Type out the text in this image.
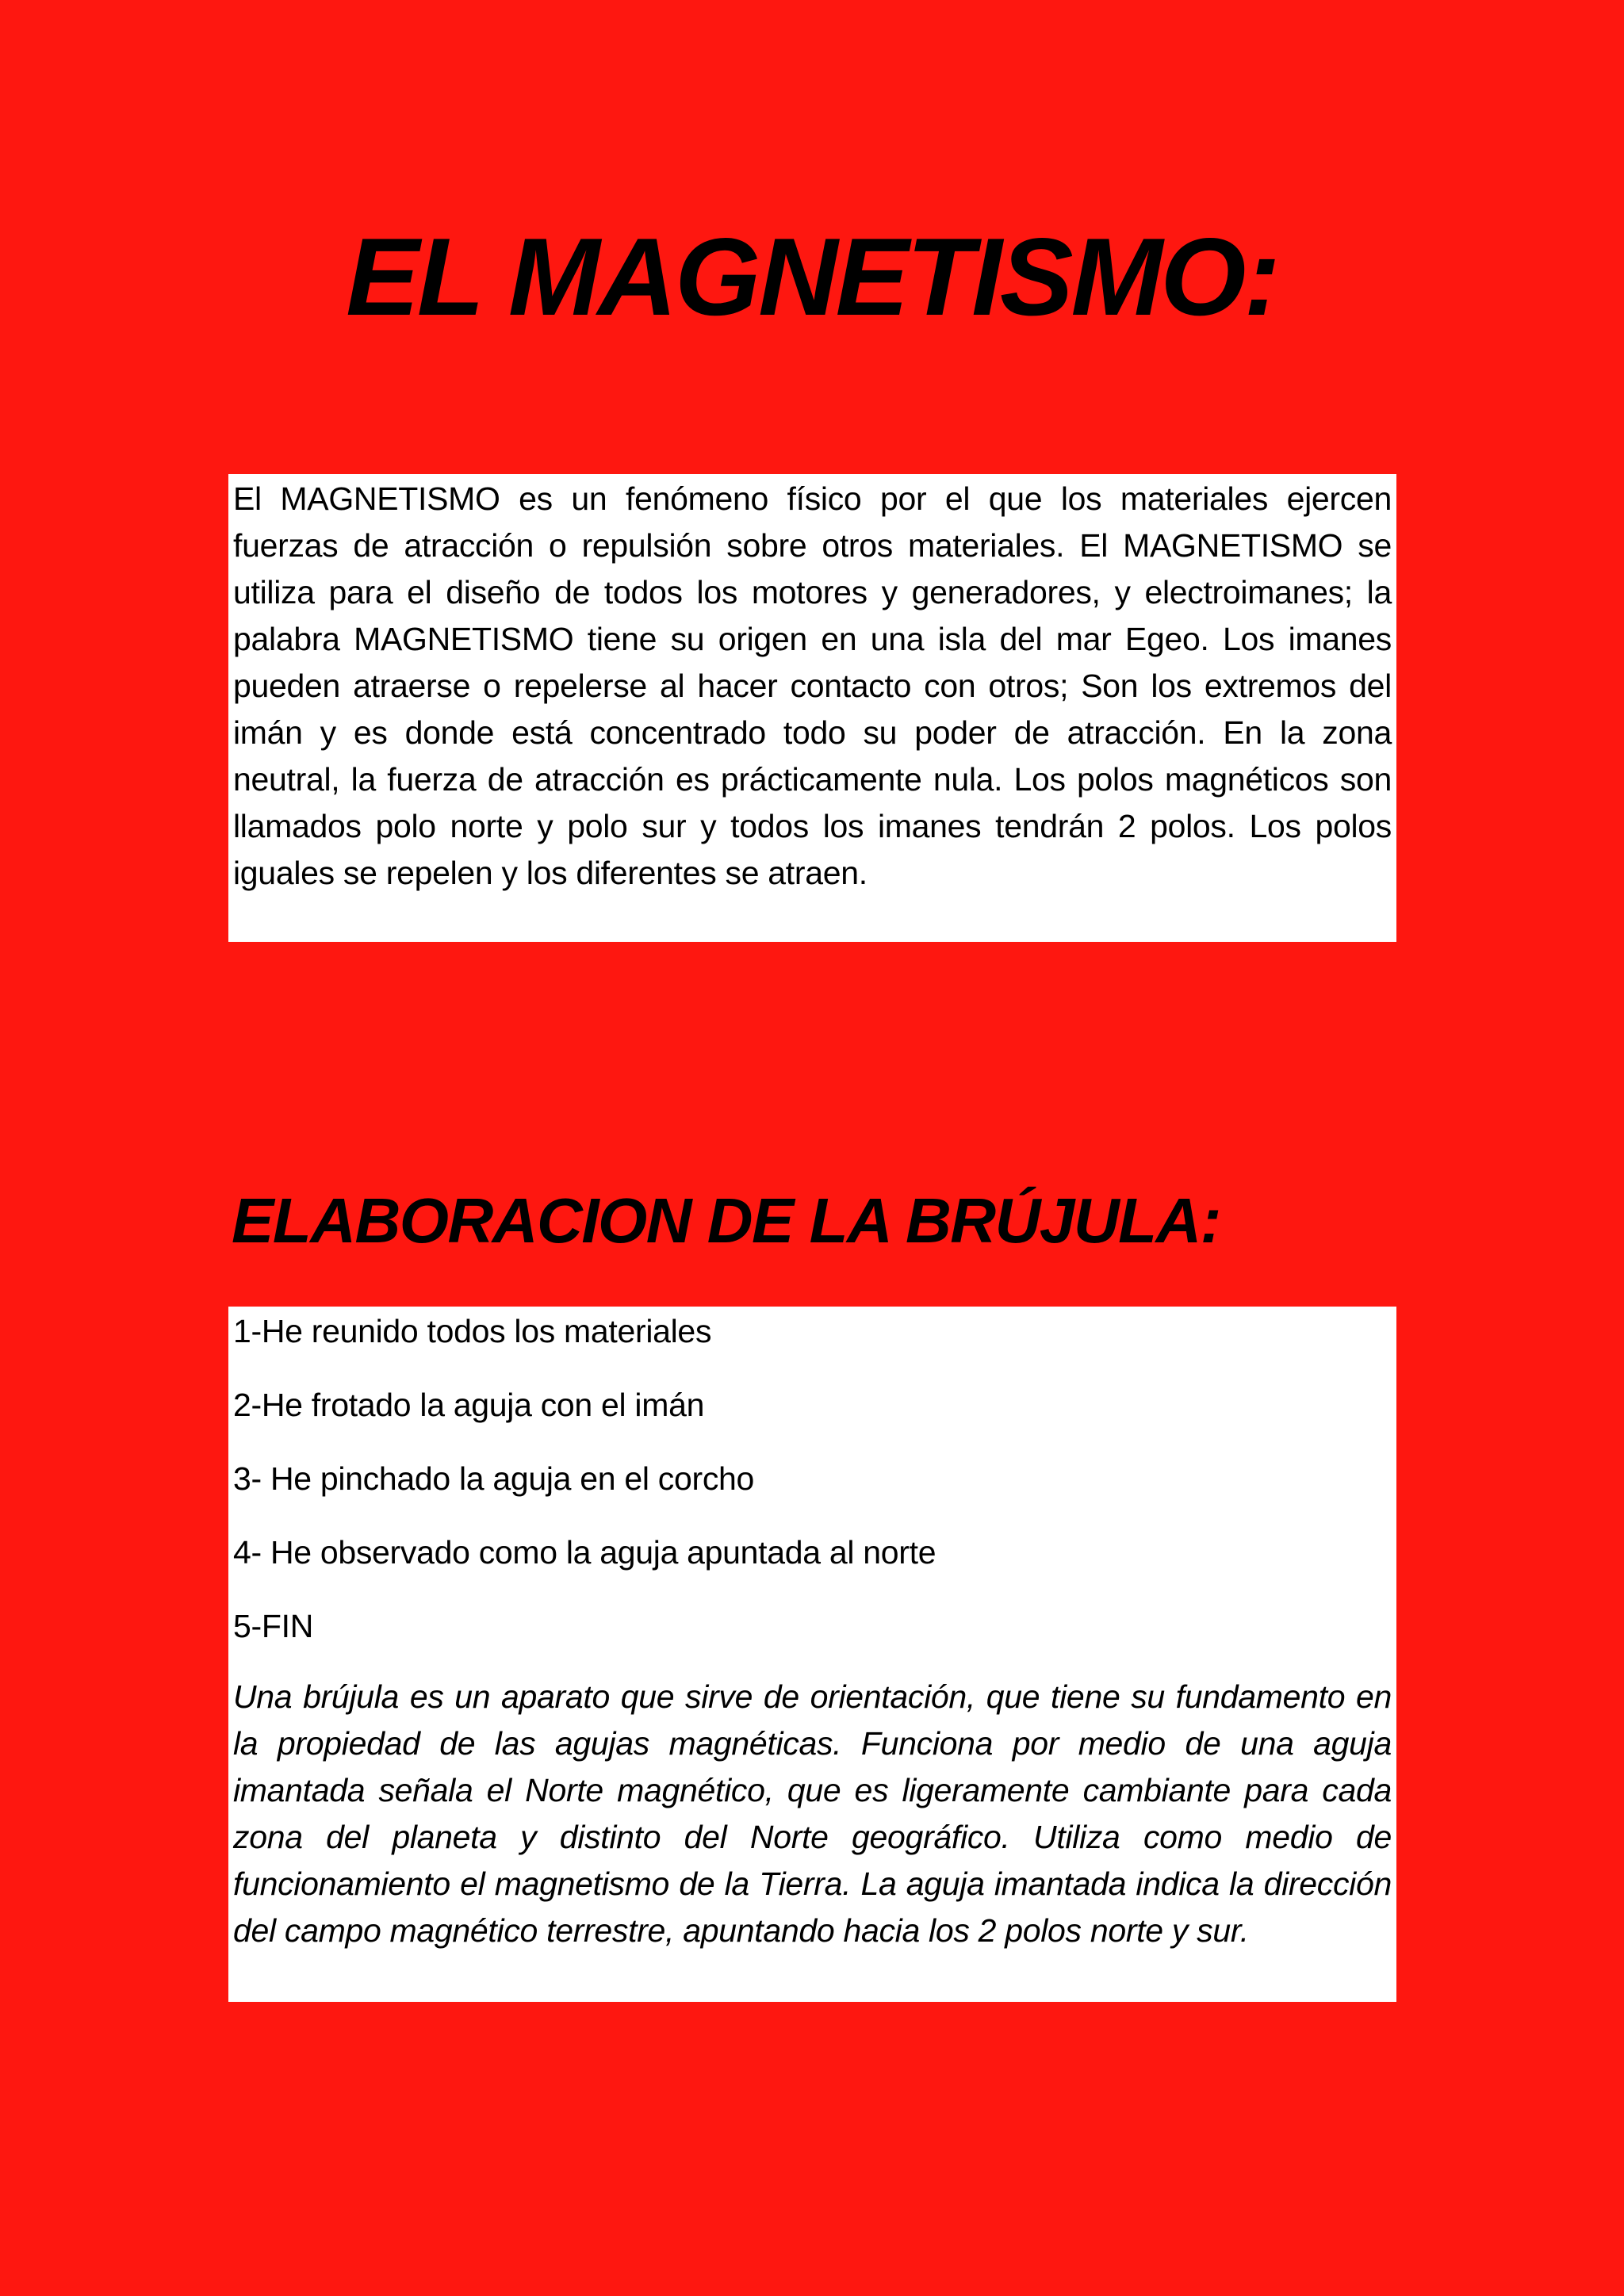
EL MAGNETISMO:

El MAGNETISMO es un fenómeno físico por el que los materiales ejercen fuerzas de atracción o repulsión sobre otros materiales. El MAGNETISMO se utiliza para el diseño de todos los motores y generadores, y electroimanes; la palabra MAGNETISMO tiene su origen en una isla del mar Egeo. Los imanes pueden atraerse o repelerse al hacer contacto con otros; Son los extremos del imán y es donde está concentrado todo su poder de atracción. En la zona neutral, la fuerza de atracción es prácticamente nula. Los polos magnéticos son llamados polo norte y polo sur y todos los imanes tendrán 2 polos. Los polos iguales se repelen y los diferentes se atraen.

ELABORACION DE LA BRÚJULA:
1-He reunido todos los materiales
2-He frotado la aguja con el imán
3- He pinchado la aguja en el corcho
4- He observado como la aguja apuntada al norte
5-FIN

Una brújula es un aparato que sirve de orientación, que tiene su fundamento en la propiedad de las agujas magnéticas. Funciona por medio de una aguja imantada señala el Norte magnético, que es ligeramente cambiante para cada zona del planeta y distinto del Norte geográfico. Utiliza como medio de funcionamiento el magnetismo de la Tierra. La aguja imantada indica la dirección del campo magnético terrestre, apuntando hacia los 2 polos norte y sur.
